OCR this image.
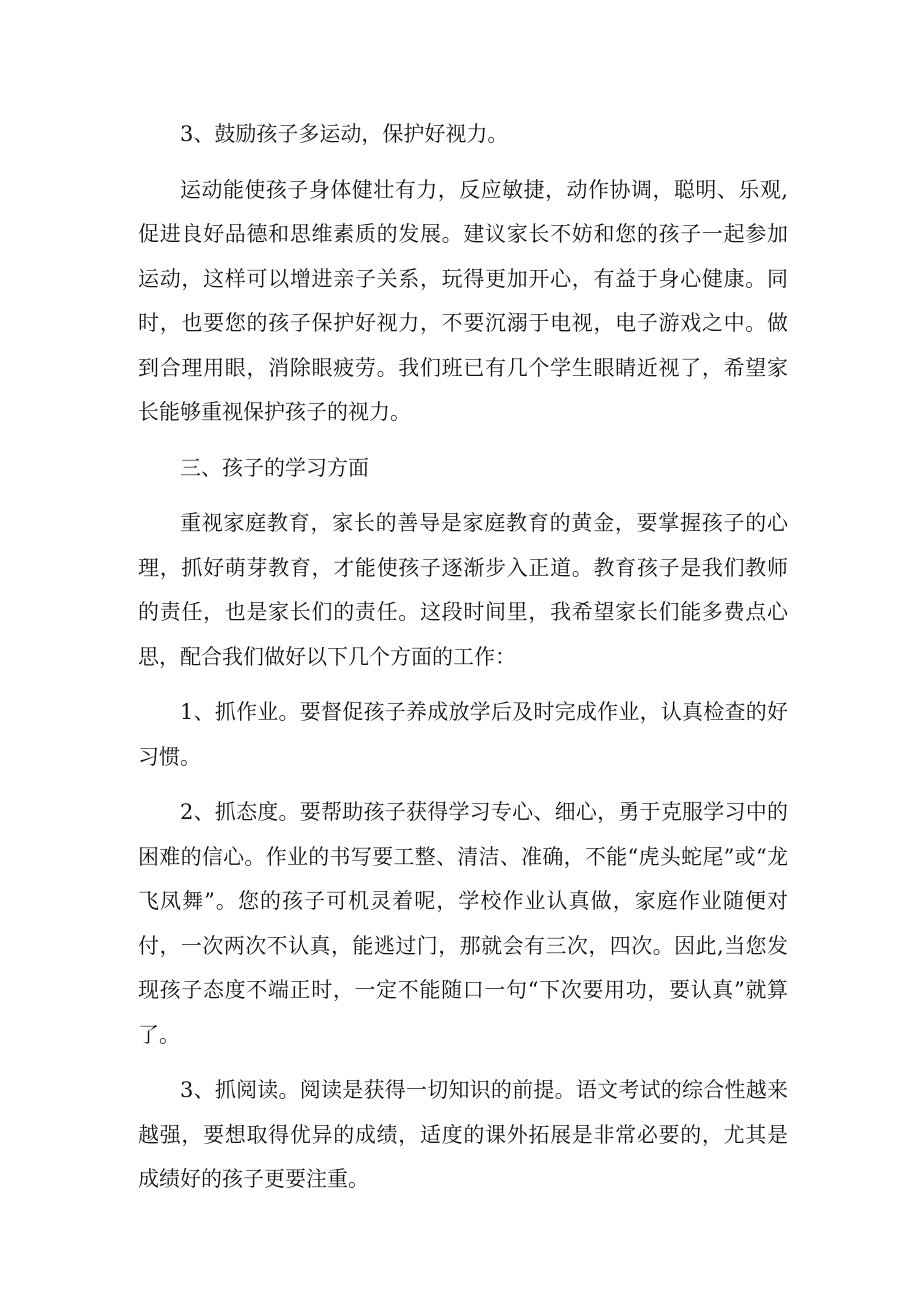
3、鼓励孩子多运动，保护好视力。

运动能使孩子身体健壮有力，反应敏捷，动作协调，聪明、乐观,促进良好品德和思维素质的发展。建议家长不妨和您的孩子一起参加运动，这样可以增进亲子关系，玩得更加开心，有益于身心健康。同时，也要您的孩子保护好视力，不要沉溺于电视，电子游戏之中。做到合理用眼，消除眼疲劳。我们班已有几个学生眼睛近视了，希望家长能够重视保护孩子的视力。

三、孩子的学习方面

重视家庭教育，家长的善导是家庭教育的黄金，要掌握孩子的心理，抓好萌芽教育，才能使孩子逐渐步入正道。教育孩子是我们教师的责任，也是家长们的责任。这段时间里，我希望家长们能多费点心思，配合我们做好以下几个方面的工作：

1、抓作业。要督促孩子养成放学后及时完成作业，认真检查的好习惯。

2、抓态度。要帮助孩子获得学习专心、细心，勇于克服学习中的困难的信心。作业的书写要工整、清洁、准确，不能“虎头蛇尾”或“龙飞凤舞”。您的孩子可机灵着呢，学校作业认真做，家庭作业随便对付，一次两次不认真，能逃过门，那就会有三次，四次。因此,当您发现孩子态度不端正时，一定不能随口一句“下次要用功，要认真”就算了。

3、抓阅读。阅读是获得一切知识的前提。语文考试的综合性越来越强，要想取得优异的成绩，适度的课外拓展是非常必要的，尤其是成绩好的孩子更要注重。
